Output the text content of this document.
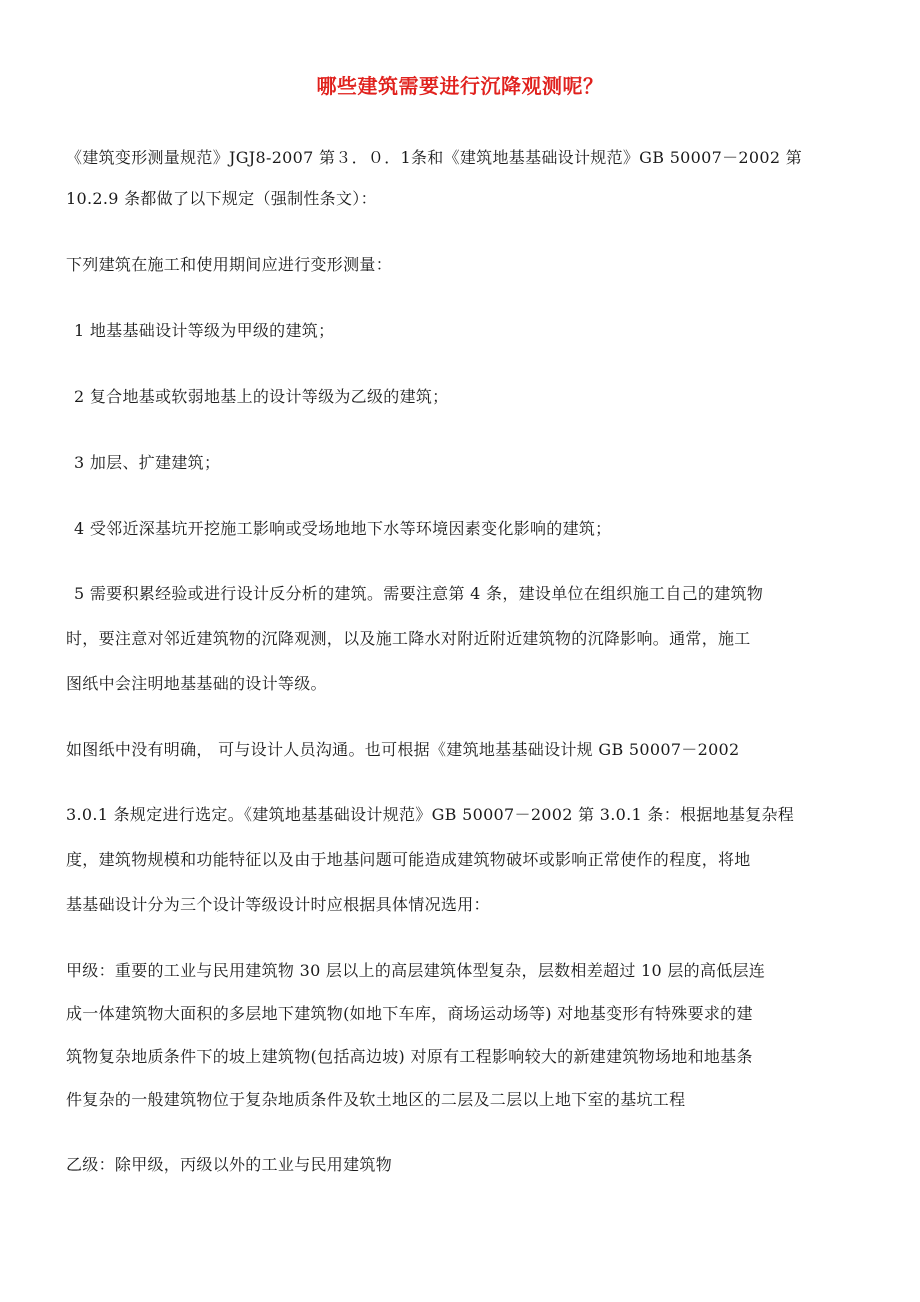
哪些建筑需要进行沉降观测呢？
《建筑变形测量规范》JGJ8-2007 第３．０．1条和《建筑地基基础设计规范》GB 50007－2002 第
10.2.9 条都做了以下规定（强制性条文）：
下列建筑在施工和使用期间应进行变形测量：
1 地基基础设计等级为甲级的建筑；
2 复合地基或软弱地基上的设计等级为乙级的建筑；
3 加层、扩建建筑；
4 受邻近深基坑开挖施工影响或受场地地下水等环境因素变化影响的建筑；
5 需要积累经验或进行设计反分析的建筑。需要注意第 4 条，建设单位在组织施工自己的建筑物
时，要注意对邻近建筑物的沉降观测，以及施工降水对附近附近建筑物的沉降影响。通常，施工
图纸中会注明地基基础的设计等级。
如图纸中没有明确， 可与设计人员沟通。也可根据《建筑地基基础设计规 GB 50007－2002
3.0.1 条规定进行选定。《建筑地基基础设计规范》GB 50007－2002 第 3.0.1 条：根据地基复杂程
度，建筑物规模和功能特征以及由于地基问题可能造成建筑物破坏或影响正常使作的程度，将地
基基础设计分为三个设计等级设计时应根据具体情况选用：
甲级：重要的工业与民用建筑物 30 层以上的高层建筑体型复杂，层数相差超过 10 层的高低层连
成一体建筑物大面积的多层地下建筑物(如地下车库，商场运动场等) 对地基变形有特殊要求的建
筑物复杂地质条件下的坡上建筑物(包括高边坡) 对原有工程影响较大的新建建筑物场地和地基条
件复杂的一般建筑物位于复杂地质条件及软土地区的二层及二层以上地下室的基坑工程
乙级：除甲级，丙级以外的工业与民用建筑物
